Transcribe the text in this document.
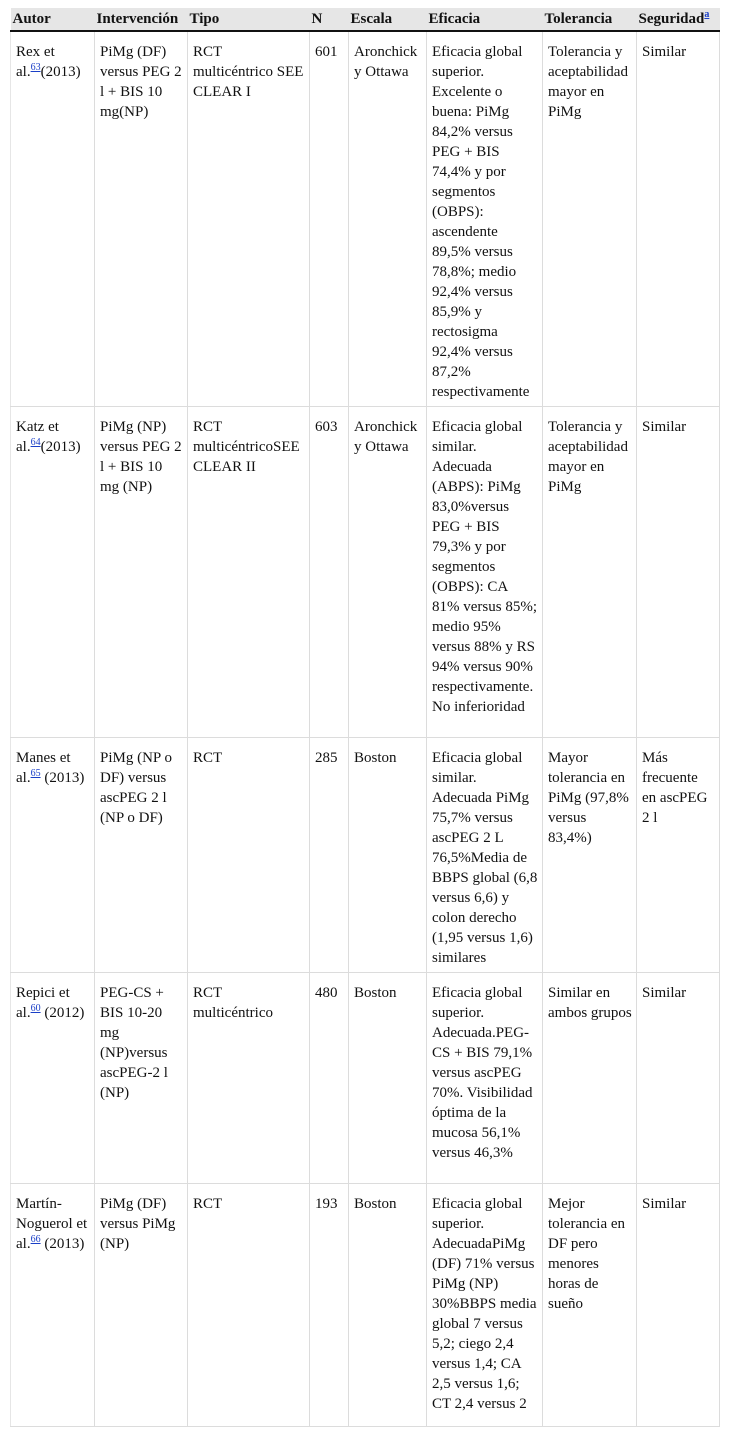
Autor	Intervención	Tipo	N	Escala	Eficacia	Tolerancia	Seguridad$^a$
Rex et al.$^{63}$(2013)	PiMg (DF) versus PEG 2 l + BIS 10 mg(NP)	RCT multicéntrico SEE CLEAR I	601	Aronchick y Ottawa	Eficacia global superior. Excelente o buena: PiMg 84,2% versus PEG + BIS 74,4% y por segmentos (OBPS): ascendente 89,5% versus 78,8%; medio 92,4% versus 85,9% y rectosigma 92,4% versus 87,2% respectivamente	Tolerancia y aceptabilidad mayor en PiMg	Similar
Katz et al.$^{64}$(2013)	PiMg (NP) versus PEG 2 l + BIS 10 mg (NP)	RCT multicéntricoSEE CLEAR II	603	Aronchick y Ottawa	Eficacia global similar. Adecuada (ABPS): PiMg 83,0%versus PEG + BIS 79,3% y por segmentos (OBPS): CA 81% versus 85%; medio 95% versus 88% y RS 94% versus 90% respectivamente. No inferioridad	Tolerancia y aceptabilidad mayor en PiMg	Similar
Manes et al.$^{65}$ (2013)	PiMg (NP o DF) versus ascPEG 2 l (NP o DF)	RCT	285	Boston	Eficacia global similar. Adecuada PiMg 75,7% versus ascPEG 2 L 76,5%Media de BBPS global (6,8 versus 6,6) y colon derecho (1,95 versus 1,6) similares	Mayor tolerancia en PiMg (97,8% versus 83,4%)	Más frecuente en ascPEG 2 l
Repici et al.$^{60}$ (2012)	PEG-CS + BIS 10-20 mg (NP)versus ascPEG-2 l (NP)	RCT multicéntrico	480	Boston	Eficacia global superior. Adecuada.PEG-CS + BIS 79,1% versus ascPEG 70%. Visibilidad óptima de la mucosa 56,1% versus 46,3%	Similar en ambos grupos	Similar
Martín-Noguerol et al.$^{66}$ (2013)	PiMg (DF) versus PiMg (NP)	RCT	193	Boston	Eficacia global superior. AdecuadaPiMg (DF) 71% versus PiMg (NP) 30%BBPS media global 7 versus 5,2; ciego 2,4 versus 1,4; CA 2,5 versus 1,6; CT 2,4 versus 2	Mejor tolerancia en DF pero menores horas de sueño	Similar
